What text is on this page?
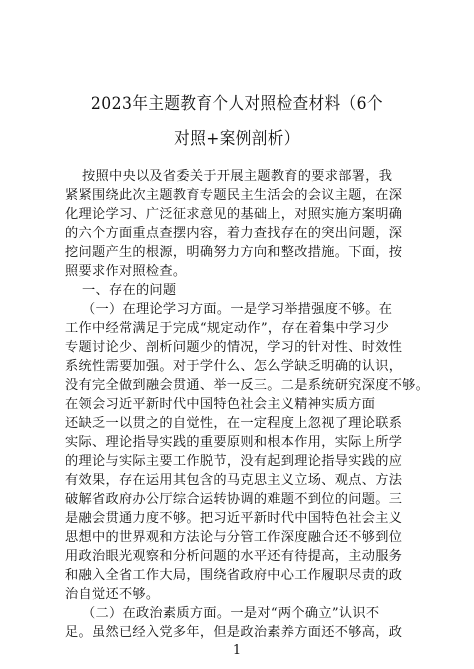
2023年主题教育个人对照检查材料（6个
对照+案例剖析）
按照中央以及省委关于开展主题教育的要求部署，我
紧紧围绕此次主题教育专题民主生活会的会议主题，在深
化理论学习、广泛征求意见的基础上，对照实施方案明确
的六个方面重点查摆内容，着力查找存在的突出问题，深
挖问题产生的根源，明确努力方向和整改措施。下面，按
照要求作对照检查。
一、存在的问题
（一）在理论学习方面。一是学习举措强度不够。在
工作中经常满足于完成“规定动作”，存在着集中学习少
专题讨论少、剖析问题少的情况，学习的针对性、时效性
系统性需要加强。对于学什么、怎么学缺乏明确的认识，
没有完全做到融会贯通、举一反三。二是系统研究深度不够。
在领会习近平新时代中国特色社会主义精神实质方面
还缺乏一以贯之的自觉性，在一定程度上忽视了理论联系
实际、理论指导实践的重要原则和根本作用，实际上所学
的理论与实际主要工作脱节，没有起到理论指导实践的应
有效果，存在运用其包含的马克思主义立场、观点、方法
破解省政府办公厅综合运转协调的难题不到位的问题。三
是融会贯通力度不够。把习近平新时代中国特色社会主义
思想中的世界观和方法论与分管工作深度融合还不够到位
用政治眼光观察和分析问题的水平还有待提高，主动服务
和融入全省工作大局，围绕省政府中心工作履职尽责的政
治自觉还不够。
（二）在政治素质方面。一是对“两个确立”认识不
足。虽然已经入党多年，但是政治素养方面还不够高，政
1
